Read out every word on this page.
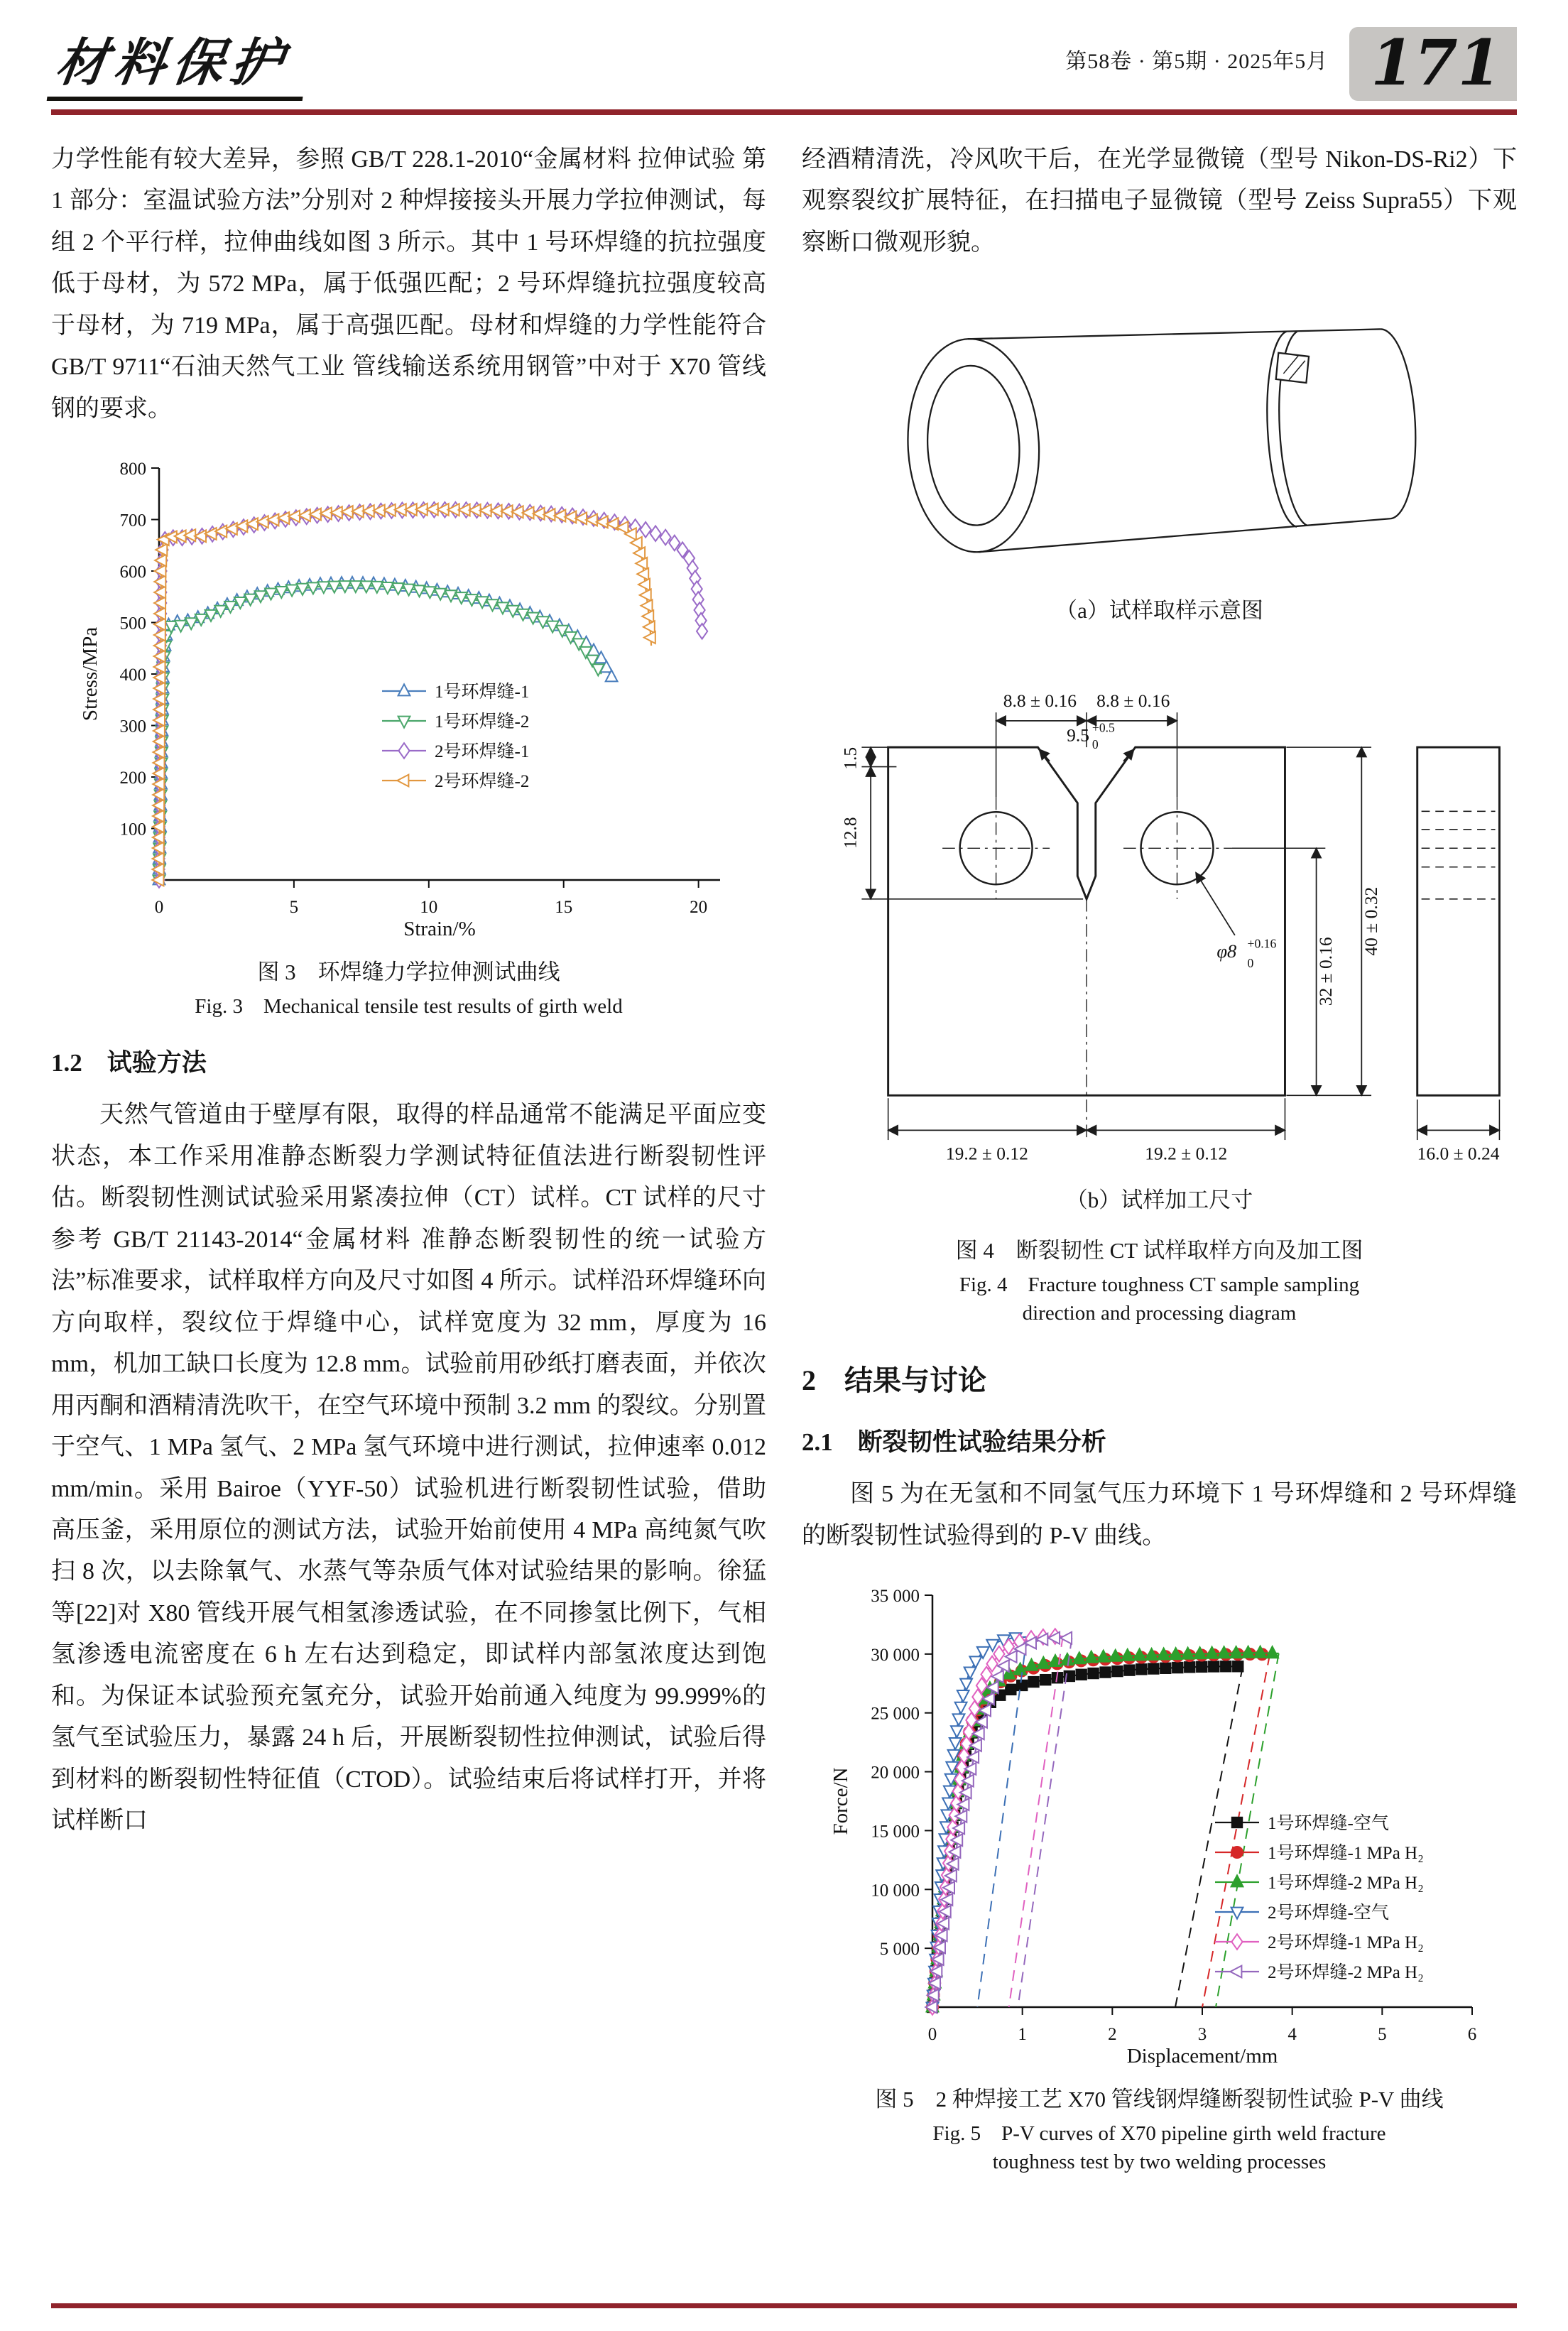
材料保护	第58卷 · 第5期 · 2025年5月 171

力学性能有较大差异，参照 GB/T 228.1-2010“金属材料 拉伸试验 第 1 部分：室温试验方法”分别对 2 种焊接接头开展力学拉伸测试，每组 2 个平行样，拉伸曲线如图 3 所示。其中 1 号环焊缝的抗拉强度低于母材，为 572 MPa，属于低强匹配；2 号环焊缝抗拉强度较高于母材，为 719 MPa，属于高强匹配。母材和焊缝的力学性能符合 GB/T 9711“石油天然气工业 管线输送系统用钢管”中对于 X70 管线钢的要求。

100
200
300
400
500
600
700
800
0	5	10	15	20
Strain/%
Stress/MPa	1号环焊缝-1
1号环焊缝-2
2号环焊缝-1
2号环焊缝-2
图 3　环焊缝力学拉伸测试曲线
Fig. 3　Mechanical tensile test results of girth weld
1.2　试验方法

天然气管道由于壁厚有限，取得的样品通常不能满足平面应变状态，本工作采用准静态断裂力学测试特征值法进行断裂韧性评估。断裂韧性测试试验采用紧凑拉伸（CT）试样。CT 试样的尺寸参考 GB/T 21143-2014“金属材料 准静态断裂韧性的统一试验方法”标准要求，试样取样方向及尺寸如图 4 所示。试样沿环焊缝环向方向取样，裂纹位于焊缝中心，试样宽度为 32 mm，厚度为 16 mm，机加工缺口长度为 12.8 mm。试验前用砂纸打磨表面，并依次用丙酮和酒精清洗吹干，在空气环境中预制 3.2 mm 的裂纹。分别置于空气、1 MPa 氢气、2 MPa 氢气环境中进行测试，拉伸速率 0.012 mm/min。采用 Bairoe（YYF-50）试验机进行断裂韧性试验，借助高压釜，采用原位的测试方法，试验开始前使用 4 MPa 高纯氮气吹扫 8 次，以去除氧气、水蒸气等杂质气体对试验结果的影响。徐猛等[22]对 X80 管线开展气相氢渗透试验，在不同掺氢比例下，气相氢渗透电流密度在 6 h 左右达到稳定，即试样内部氢浓度达到饱和。为保证本试验预充氢充分，试验开始前通入纯度为 99.999%的氢气至试验压力，暴露 24 h 后，开展断裂韧性拉伸测试，试验后得到材料的断裂韧性特征值（CTOD）。试验结束后将试样打开，并将试样断口

经酒精清洗，冷风吹干后，在光学显微镜（型号 Nikon-DS-Ri2）下观察裂纹扩展特征，在扫描电子显微镜（型号 Zeiss Supra55）下观察断口微观形貌。

（a）试样取样示意图
8.8 ± 0.16 8.8 ± 0.16
9.5 +0.5
0
1.5
12.8
φ8 +0.16
0	32 ± 0.16
40 ± 0.32
19.2 ± 0.12	19.2 ± 0.12	16.0 ± 0.24
（b）试样加工尺寸
图 4　断裂韧性 CT 试样取样方向及加工图
Fig. 4　Fracture toughness CT sample sampling
direction and processing diagram
2　结果与讨论
2.1　断裂韧性试验结果分析

图 5 为在无氢和不同氢气压力环境下 1 号环焊缝和 2 号环焊缝的断裂韧性试验得到的 P-V 曲线。

5 000
10 000
15 000
20 000
25 000
30 000
35 000
0	1	2	3	4	5	6
Displacement/mm
Force/N	1号环焊缝-空气
1号环焊缝-1 MPa H₂
1号环焊缝-2 MPa H₂
2号环焊缝-空气
2号环焊缝-1 MPa H₂
2号环焊缝-2 MPa H₂
图 5　2 种焊接工艺 X70 管线钢焊缝断裂韧性试验 P-V 曲线
Fig. 5　P-V curves of X70 pipeline girth weld fracture
toughness test by two welding processes
